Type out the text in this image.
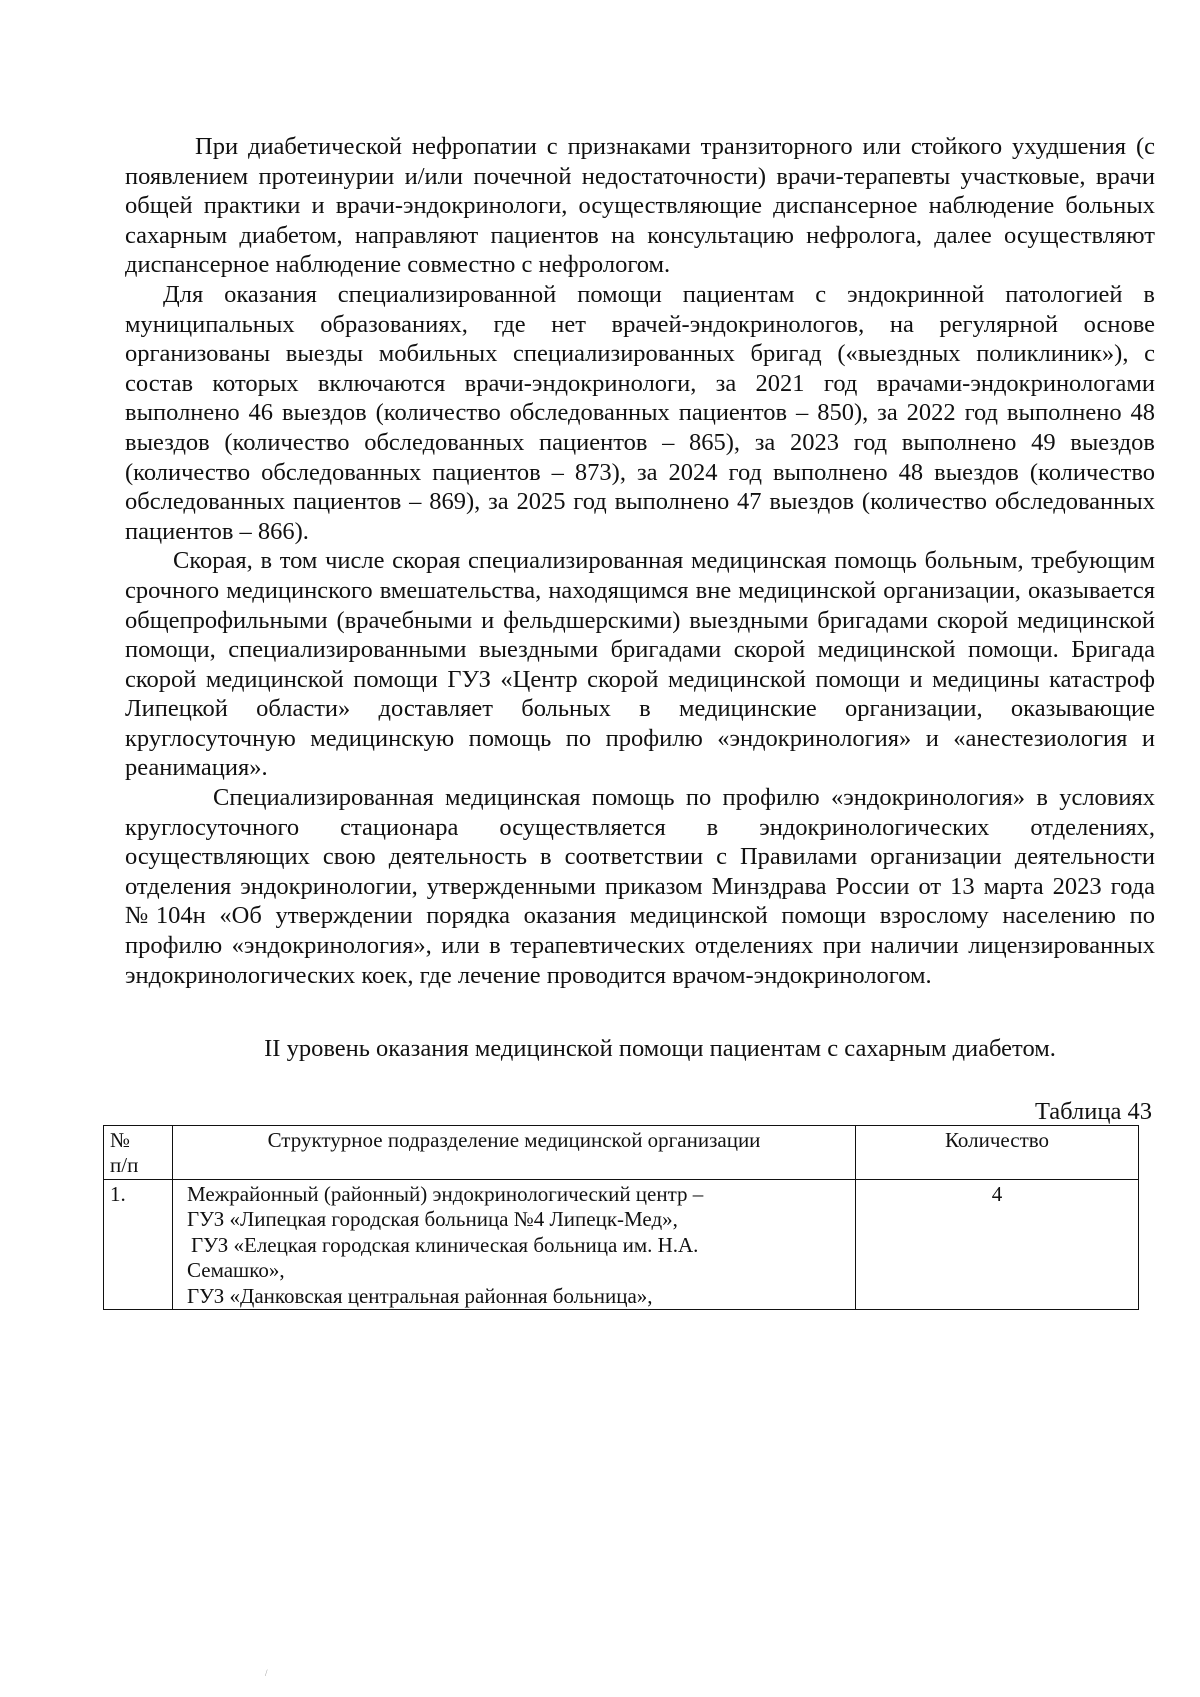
При диабетической нефропатии с признаками транзиторного или стойкого ухудшения (с появлением протеинурии и/или почечной недостаточности) врачи-терапевты участковые, врачи общей практики и врачи-эндокринологи, осуществляющие диспансерное наблюдение больных сахарным диабетом, направляют пациентов на консультацию нефролога, далее осуществляют диспансерное наблюдение совместно с нефрологом.

Для оказания специализированной помощи пациентам с эндокринной патологией в муниципальных образованиях, где нет врачей-эндокринологов, на регулярной основе организованы выезды мобильных специализированных бригад («выездных поликлиник»), с состав которых включаются врачи-эндокринологи, за 2021 год врачами-эндокринологами выполнено 46 выездов (количество обследованных пациентов – 850), за 2022 год выполнено 48 выездов (количество обследованных пациентов – 865), за 2023 год выполнено 49 выездов (количество обследованных пациентов – 873), за 2024 год выполнено 48 выездов (количество обследованных пациентов – 869), за 2025 год выполнено 47 выездов (количество обследованных пациентов – 866).

Скорая, в том числе скорая специализированная медицинская помощь больным, требующим срочного медицинского вмешательства, находящимся вне медицинской организации, оказывается общепрофильными (врачебными и фельдшерскими) выездными бригадами скорой медицинской помощи, специализированными выездными бригадами скорой медицинской помощи. Бригада скорой медицинской помощи ГУЗ «Центр скорой медицинской помощи и медицины катастроф Липецкой области» доставляет больных в медицинские организации, оказывающие круглосуточную медицинскую помощь по профилю «эндокринология» и «анестезиология и реанимация».

Специализированная медицинская помощь по профилю «эндокринология» в условиях круглосуточного стационара осуществляется в эндокринологических отделениях, осуществляющих свою деятельность в соответствии с Правилами организации деятельности отделения эндокринологии, утвержденными приказом Минздрава России от 13 марта 2023 года №104н «Об утверждении порядка оказания медицинской помощи взрослому населению по профилю «эндокринология», или в терапевтических отделениях при наличии лицензированных эндокринологических коек, где лечение проводится врачом-эндокринологом.

II уровень оказания медицинской помощи пациентам с сахарным диабетом.

Таблица 43

№
п/п	Структурное подразделение медицинской организации	Количество
1.	Межрайонный (районный) эндокринологический центр –
ГУЗ «Липецкая городская больница №4 Липецк-Мед»,
ГУЗ «Елецкая городская клиническая больница им. Н.А.
Семашко»,
ГУЗ «Данковская центральная районная больница»,	4
/
